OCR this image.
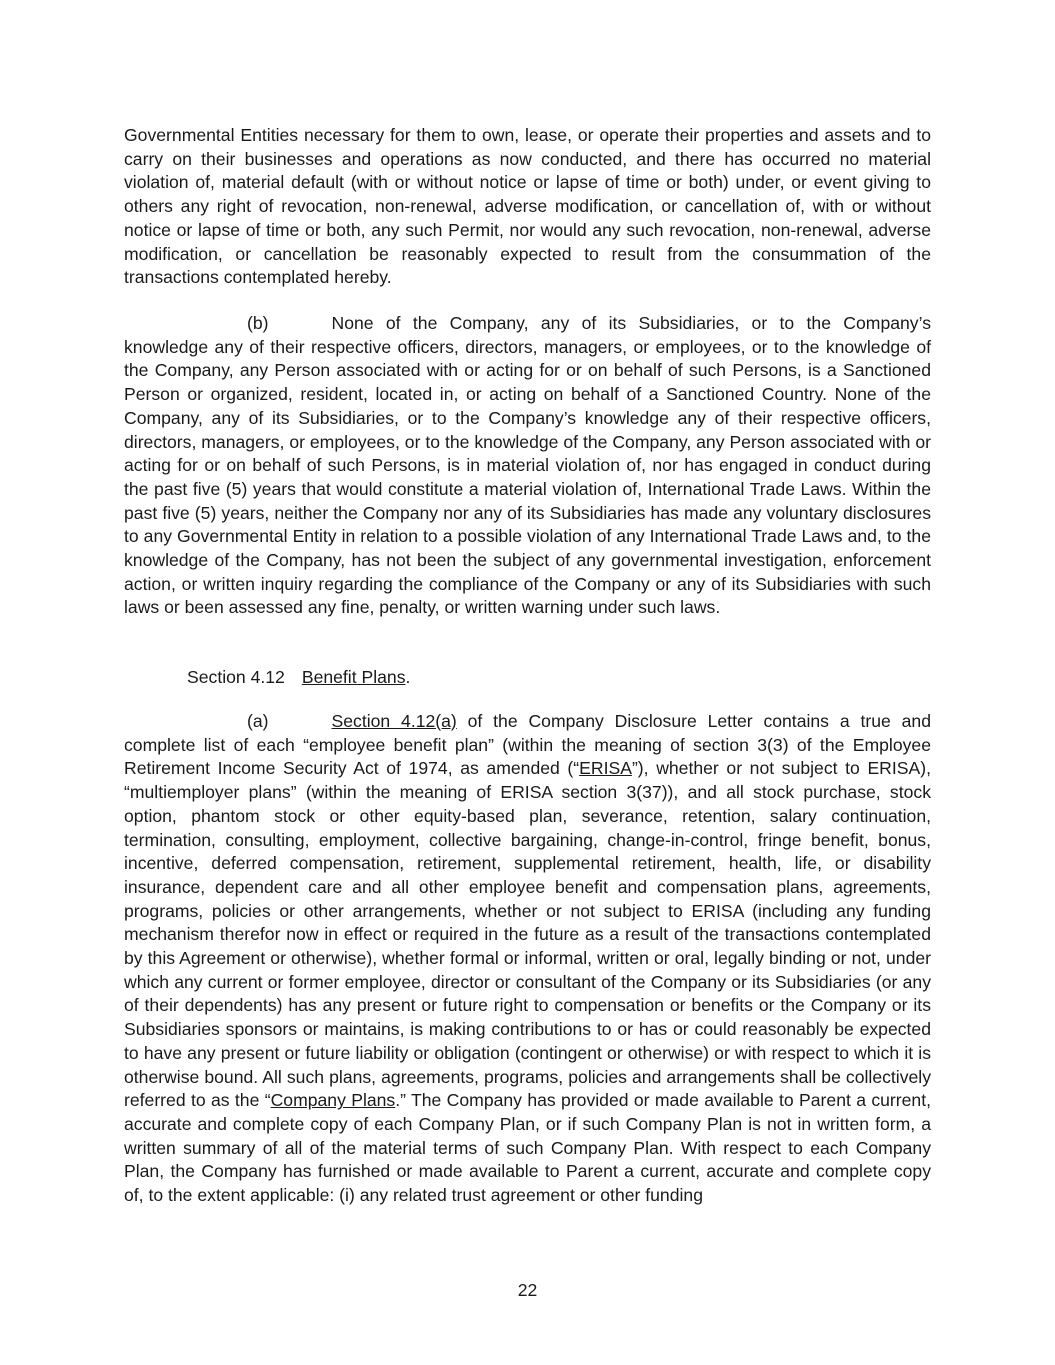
Governmental Entities necessary for them to own, lease, or operate their properties and assets and to carry on their businesses and operations as now conducted, and there has occurred no material violation of, material default (with or without notice or lapse of time or both) under, or event giving to others any right of revocation, non-renewal, adverse modification, or cancellation of, with or without notice or lapse of time or both, any such Permit, nor would any such revocation, non-renewal, adverse modification, or cancellation be reasonably expected to result from the consummation of the transactions contemplated hereby.

(b)	None of the Company, any of its Subsidiaries, or to the Company’s knowledge any of their respective officers, directors, managers, or employees, or to the knowledge of the Company, any Person associated with or acting for or on behalf of such Persons, is a Sanctioned Person or organized, resident, located in, or acting on behalf of a Sanctioned Country. None of the Company, any of its Subsidiaries, or to the Company’s knowledge any of their respective officers, directors, managers, or employees, or to the knowledge of the Company, any Person associated with or acting for or on behalf of such Persons, is in material violation of, nor has engaged in conduct during the past five (5) years that would constitute a material violation of, International Trade Laws. Within the past five (5) years, neither the Company nor any of its Subsidiaries has made any voluntary disclosures to any Governmental Entity in relation to a possible violation of any International Trade Laws and, to the knowledge of the Company, has not been the subject of any governmental investigation, enforcement action, or written inquiry regarding the compliance of the Company or any of its Subsidiaries with such laws or been assessed any fine, penalty, or written warning under such laws.

Section 4.12 Benefit Plans.

(a)	Section 4.12(a) of the Company Disclosure Letter contains a true and complete list of each “employee benefit plan” (within the meaning of section 3(3) of the Employee Retirement Income Security Act of 1974, as amended (“ERISA”), whether or not subject to ERISA), “multiemployer plans” (within the meaning of ERISA section 3(37)), and all stock purchase, stock option, phantom stock or other equity-based plan, severance, retention, salary continuation, termination, consulting, employment, collective bargaining, change-in-control, fringe benefit, bonus, incentive, deferred compensation, retirement, supplemental retirement, health, life, or disability insurance, dependent care and all other employee benefit and compensation plans, agreements, programs, policies or other arrangements, whether or not subject to ERISA (including any funding mechanism therefor now in effect or required in the future as a result of the transactions contemplated by this Agreement or otherwise), whether formal or informal, written or oral, legally binding or not, under which any current or former employee, director or consultant of the Company or its Subsidiaries (or any of their dependents) has any present or future right to compensation or benefits or the Company or its Subsidiaries sponsors or maintains, is making contributions to or has or could reasonably be expected to have any present or future liability or obligation (contingent or otherwise) or with respect to which it is otherwise bound. All such plans, agreements, programs, policies and arrangements shall be collectively referred to as the “Company Plans.” The Company has provided or made available to Parent a current, accurate and complete copy of each Company Plan, or if such Company Plan is not in written form, a written summary of all of the material terms of such Company Plan. With respect to each Company Plan, the Company has furnished or made available to Parent a current, accurate and complete copy of, to the extent applicable: (i) any related trust agreement or other funding

22
